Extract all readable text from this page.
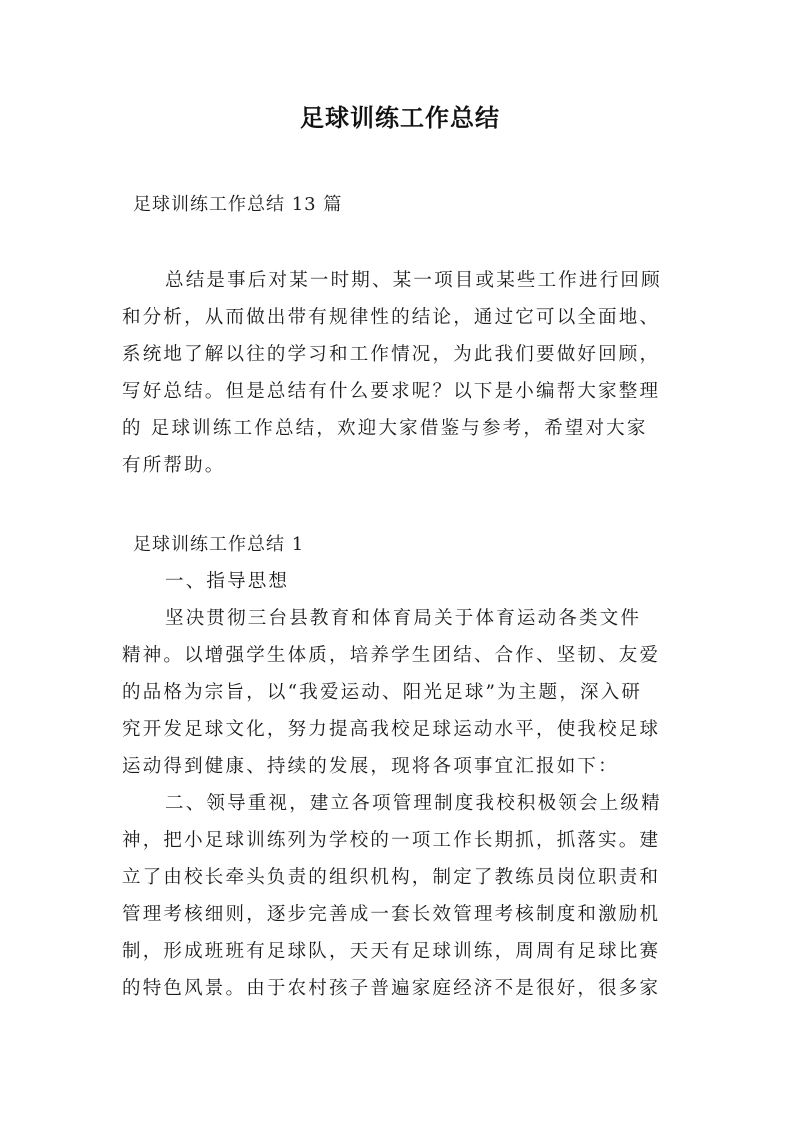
足球训练工作总结
足球训练工作总结 13 篇
总结是事后对某一时期、某一项目或某些工作进行回顾
和分析，从而做出带有规律性的结论，通过它可以全面地、
系统地了解以往的学习和工作情况，为此我们要做好回顾，
写好总结。但是总结有什么要求呢？以下是小编帮大家整理
的 足球训练工作总结，欢迎大家借鉴与参考，希望对大家
有所帮助。
足球训练工作总结 1
一、指导思想
坚决贯彻三台县教育和体育局关于体育运动各类文件
精神。以增强学生体质，培养学生团结、合作、坚韧、友爱
的品格为宗旨，以“我爱运动、阳光足球”为主题，深入研
究开发足球文化，努力提高我校足球运动水平，使我校足球
运动得到健康、持续的发展，现将各项事宜汇报如下：
二、领导重视，建立各项管理制度我校积极领会上级精
神，把小足球训练列为学校的一项工作长期抓，抓落实。建
立了由校长牵头负责的组织机构，制定了教练员岗位职责和
管理考核细则，逐步完善成一套长效管理考核制度和激励机
制，形成班班有足球队，天天有足球训练，周周有足球比赛
的特色风景。由于农村孩子普遍家庭经济不是很好，很多家
